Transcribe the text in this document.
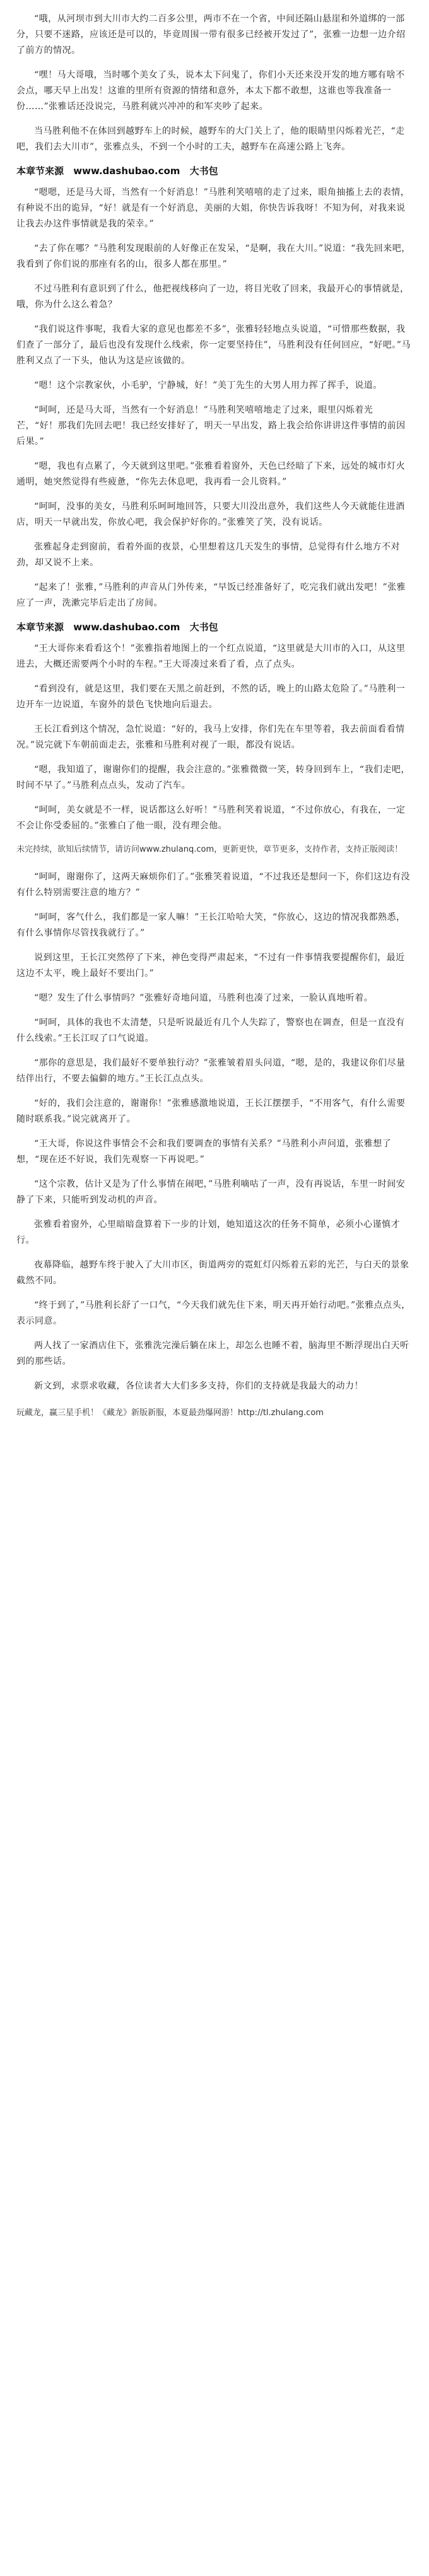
“哦，从河坝市到大川市大约二百多公里，两市不在一个省，中间还隔山悬崖和外道绑的一部分，只要不迷路，应该还是可以的，毕竟周围一带有很多已经被开发过了”，张雅一边想一边介绍了前方的情况。

“嘿！马大哥哦，当时哪个美女了头，说本太下问鬼了，你们小天还来没开发的地方哪有啥不会点，哪天早上出发！这谁的里所有资源的情绪和意外，本太下都不敢想，这谁也等我准备一份……”张雅话还没说完，马胜利就兴冲冲的和军夹吵了起来。

当马胜利他不在体回到越野车上的时候，越野车的大门关上了，他的眼睛里闪烁着光芒，“走吧，我们去大川市”，张雅点头，不到一个小时的工夫，越野车在高速公路上飞奔。

本章节来源 www.dashubao.com 大书包

“嗯嗯，还是马大哥，当然有一个好消息！”马胜利笑嘻嘻的走了过来，眼角抽搐上去的表情，有种说不出的诡异，“好！就是有一个好消息，美丽的大姐，你快告诉我呀！不知为何，对我来说让我去办这件事情就是我的荣幸。”

“去了你在哪？”马胜利发现眼前的人好像正在发呆，“是啊，我在大川。”说道：“我先回来吧，我看到了你们说的那座有名的山，很多人都在那里。”

不过马胜利有意识到了什么，他把视线移向了一边，将目光收了回来，我最开心的事情就是，哦，你为什么这么着急？

“我们说这件事呢，我看大家的意见也都差不多”，张雅轻轻地点头说道，“可惜那些数据，我们查了一部分了，最后也没有发现什么线索，你一定要坚持住”，马胜利没有任何回应，“好吧。”马胜利又点了一下头，他认为这是应该做的。

“嗯！这个宗教家伙，小毛驴，宁静城，好！”美丁先生的大男人用力挥了挥手，说道。

“呵呵，还是马大哥，当然有一个好消息！”马胜利笑嘻嘻地走了过来，眼里闪烁着光芒，“好！那我们先回去吧！我已经安排好了，明天一早出发，路上我会给你讲讲这件事情的前因后果。”

“嗯，我也有点累了，今天就到这里吧。”张雅看着窗外，天色已经暗了下来，远处的城市灯火通明，她突然觉得有些疲惫，“你先去休息吧，我再看一会儿资料。”

“呵呵，没事的美女，马胜利乐呵呵地回答，只要大川没出意外，我们这些人今天就能住进酒店，明天一早就出发，你放心吧，我会保护好你的。”张雅笑了笑，没有说话。

张雅起身走到窗前，看着外面的夜景，心里想着这几天发生的事情，总觉得有什么地方不对劲，却又说不上来。

“起来了！张雅，”马胜利的声音从门外传来，“早饭已经准备好了，吃完我们就出发吧！”张雅应了一声，洗漱完毕后走出了房间。

本章节来源 www.dashubao.com 大书包

“王大哥你来看看这个！”张雅指着地图上的一个红点说道，“这里就是大川市的入口，从这里进去，大概还需要两个小时的车程。”王大哥凑过来看了看，点了点头。

“看到没有，就是这里，我们要在天黑之前赶到，不然的话，晚上的山路太危险了。”马胜利一边开车一边说道，车窗外的景色飞快地向后退去。

王长江看到这个情况，急忙说道：“好的，我马上安排，你们先在车里等着，我去前面看看情况。”说完就下车朝前面走去，张雅和马胜利对视了一眼，都没有说话。

“嗯，我知道了，谢谢你们的提醒，我会注意的。”张雅微微一笑，转身回到车上，“我们走吧，时间不早了。”马胜利点点头，发动了汽车。

“呵呵，美女就是不一样，说话都这么好听！”马胜利笑着说道，“不过你放心，有我在，一定不会让你受委屈的。”张雅白了他一眼，没有理会他。

未完持续，欲知后续情节，请访问www.zhulanq.com，更新更快，章节更多，支持作者，支持正版阅读！

“呵呵，谢谢你了，这两天麻烦你们了。”张雅笑着说道，“不过我还是想问一下，你们这边有没有什么特别需要注意的地方？”

“呵呵，客气什么，我们都是一家人嘛！”王长江哈哈大笑，“你放心，这边的情况我都熟悉，有什么事情你尽管找我就行了。”

说到这里，王长江突然停了下来，神色变得严肃起来，“不过有一件事情我要提醒你们，最近这边不太平，晚上最好不要出门。”

“嗯？发生了什么事情吗？”张雅好奇地问道，马胜利也凑了过来，一脸认真地听着。

“呵呵，具体的我也不太清楚，只是听说最近有几个人失踪了，警察也在调查，但是一直没有什么线索。”王长江叹了口气说道。

“那你的意思是，我们最好不要单独行动？”张雅皱着眉头问道，“嗯，是的，我建议你们尽量结伴出行，不要去偏僻的地方。”王长江点点头。

“好的，我们会注意的，谢谢你！”张雅感激地说道，王长江摆摆手，“不用客气，有什么需要随时联系我。”说完就离开了。

“王大哥，你说这件事情会不会和我们要调查的事情有关系？”马胜利小声问道，张雅想了想，“现在还不好说，我们先观察一下再说吧。”

“这个宗教，估计又是为了什么事情在闹吧，”马胜利嘀咕了一声，没有再说话，车里一时间安静了下来，只能听到发动机的声音。

张雅看着窗外，心里暗暗盘算着下一步的计划，她知道这次的任务不简单，必须小心谨慎才行。

夜幕降临，越野车终于驶入了大川市区，街道两旁的霓虹灯闪烁着五彩的光芒，与白天的景象截然不同。

“终于到了，”马胜利长舒了一口气，“今天我们就先住下来，明天再开始行动吧。”张雅点点头，表示同意。

两人找了一家酒店住下，张雅洗完澡后躺在床上，却怎么也睡不着，脑海里不断浮现出白天听到的那些话。

新文到，求票求收藏，各位读者大大们多多支持，你们的支持就是我最大的动力！

玩藏龙，赢三星手机！《藏龙》新版新服，本夏最劲爆网游！http://tl.zhulang.com
